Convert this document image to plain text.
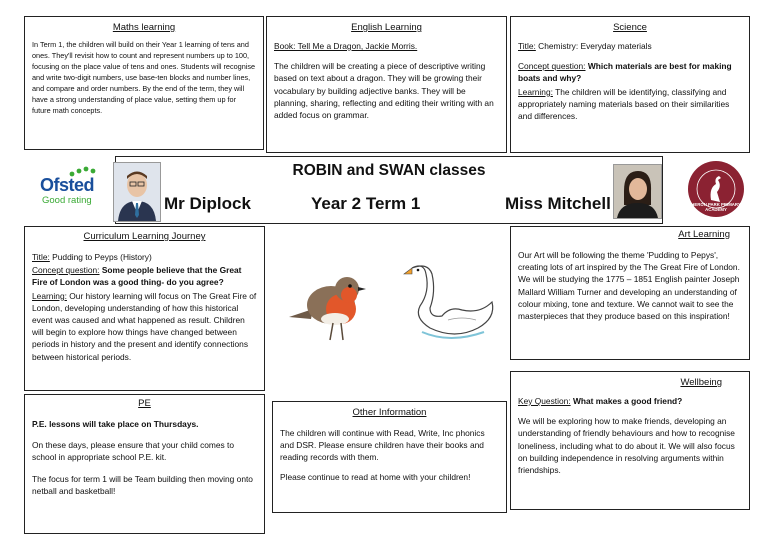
Maths learning

In Term 1, the children will build on their Year 1 learning of tens and ones. They'll revisit how to count and represent numbers up to 100, focusing on the place value of tens and ones. Students will recognise and write two-digit numbers, use base-ten blocks and number lines, and compare and order numbers. By the end of the term, they will have a strong understanding of place value, setting them up for future math concepts.

English Learning

Book: Tell Me a Dragon, Jackie Morris.

The children will be creating a piece of descriptive writing based on text about a dragon. They will be growing their vocabulary by building adjective banks. They will be planning, sharing, reflecting and editing their writing with an added focus on grammar.

Science

Title: Chemistry: Everyday materials

Concept question: Which materials are best for making boats and why?

Learning: The children will be identifying, classifying and appropriately naming materials based on their similarities and differences.

Ofsted
Good rating
ROBIN and SWAN classes
Mr Diplock	Year 2 Term 1	Miss Mitchell	HERON PARK PRIMARY ACADEMY
Curriculum Learning Journey

Title: Pudding to Peyps (History)

Concept question: Some people believe that the Great Fire of London was a good thing- do you agree?

Learning: Our history learning will focus on The Great Fire of London, developing understanding of how this historical event was caused and what happened as result. Children will begin to explore how things have changed between periods in history and the present and identify connections between historical periods.

Art Learning

Our Art will be following the theme 'Pudding to Pepys', creating lots of art inspired by the The Great Fire of London. We will be studying the 1775 – 1851 English painter Joseph Mallard William Turner and developing an understanding of colour mixing, tone and texture. We cannot wait to see the masterpieces that they produce based on this inspiration!

PE

P.E. lessons will take place on Thursdays.

On these days, please ensure that your child comes to school in appropriate school P.E. kit.

The focus for term 1 will be Team building then moving onto netball and basketball!

Other Information

The children will continue with Read, Write, Inc phonics and DSR. Please ensure children have their books and reading records with them.

Please continue to read at home with your children!

Wellbeing

Key Question: What makes a good friend?

We will be exploring how to make friends, developing an understanding of friendly behaviours and how to recognise loneliness, including what to do about it. We will also focus on building independence in resolving arguments within friendships.
